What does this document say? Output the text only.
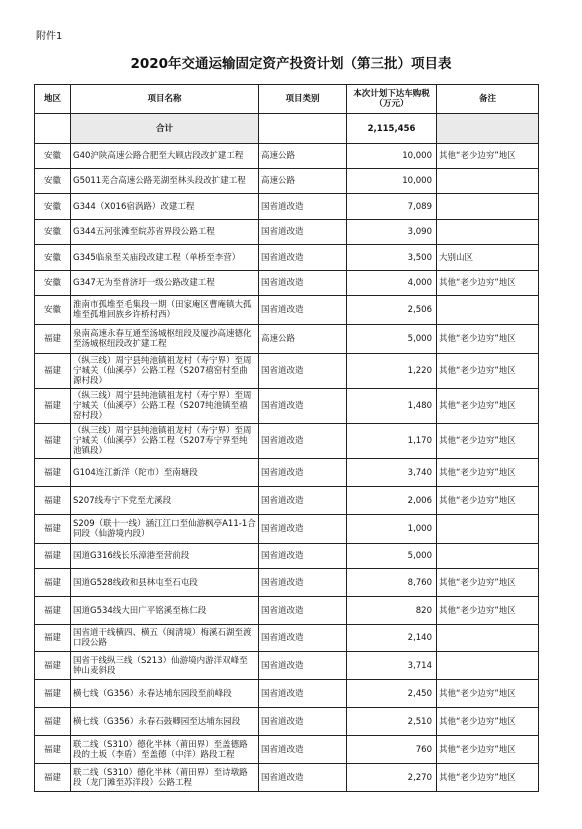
附件1
2020年交通运输固定资产投资计划（第三批）项目表
地区	项目名称	项目类别	本次计划下达车购税（万元）	备注
	合计		2,115,456	
安徽	G40沪陕高速公路合肥至大顾店段改扩建工程	高速公路	10,000	其他“老少边穷”地区
安徽	G5011芜合高速公路芜湖至林头段改扩建工程	高速公路	10,000	
安徽	G344（X016宿涡路）改建工程	国省道改造	7,089	
安徽	G344五河张滩至皖苏省界段公路工程	国省道改造	3,090	
安徽	G345临泉至关庙段改建工程（单桥至李营）	国省道改造	3,500	大别山区
安徽	G347无为至普济圩一级公路改建工程	国省道改造	4,000	其他“老少边穷”地区
安徽	淮南市孤堆至毛集段一期（田家庵区曹庵镇大孤堆至孤堆回族乡许桥村西）	国省道改造	2,506	
福建	泉南高速永春互通至汤城枢纽段及厦沙高速德化至汤城枢纽段改扩建工程	高速公路	5,000	其他“老少边穷”地区
福建	（纵三线）周宁县纯池镇祖龙村（寿宁界）至周宁城关（仙溪亭）公路工程（S207禧窑村至曲源村段）	国省道改造	1,220	其他“老少边穷”地区
福建	（纵三线）周宁县纯池镇祖龙村（寿宁界）至周宁城关（仙溪亭）公路工程（S207纯池镇至禧窑村段）	国省道改造	1,480	其他“老少边穷”地区
福建	（纵三线）周宁县纯池镇祖龙村（寿宁界）至周宁城关（仙溪亭）公路工程（S207寿宁界至纯池镇段）	国省道改造	1,170	其他“老少边穷”地区
福建	G104连江新洋（陀市）至南塘段	国省道改造	3,740	其他“老少边穷”地区
福建	S207线寿宁下党至尤溪段	国省道改造	2,006	其他“老少边穷”地区
福建	S209（联十一线）涵江江口至仙游枫亭A11-1合同段（仙游境内段）	国省道改造	1,000	
福建	国道G316线长乐漳港至营前段	国省道改造	5,000	
福建	国道G528线政和县林屯至石屯段	国省道改造	8,760	其他“老少边穷”地区
福建	国道G534线大田广平铭溪至栋仁段	国省道改造	820	其他“老少边穷”地区
福建	国省道干线横四、横五（闽清境）梅溪石湖至渡口段公路	国省道改造	2,140	
福建	国省干线纵三线（S213）仙游境内游洋双峰至钟山麦斜段	国省道改造	3,714	
福建	横七线（G356）永春达埔东园段至前峰段	国省道改造	2,450	其他“老少边穷”地区
福建	横七线（G356）永春石鼓卿园至达埔东园段	国省道改造	2,510	其他“老少边穷”地区
福建	联二线（S310）德化半林（莆田界）至盖德路段的土坂（李盾）至盖德（中洋）路段工程	国省道改造	760	其他“老少边穷”地区
福建	联二线（S310）德化半林（莆田界）至诗墩路段（龙门滩至苏洋段）公路工程	国省道改造	2,270	其他“老少边穷”地区
